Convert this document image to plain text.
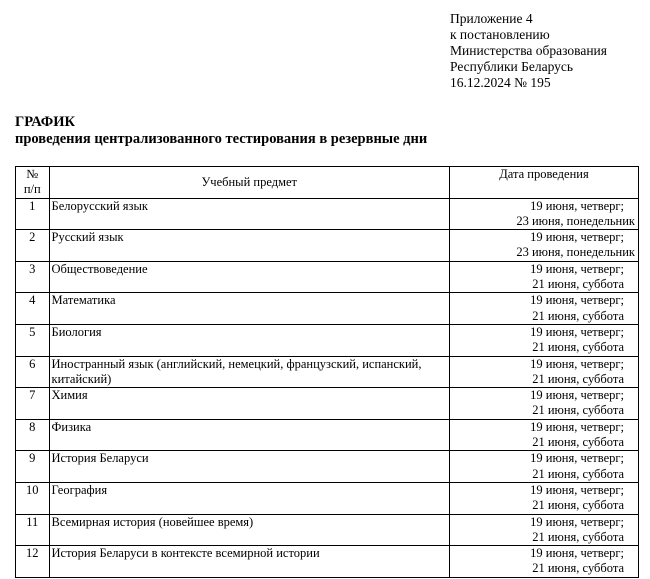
Приложение 4
к постановлению
Министерства образования
Республики Беларусь
16.12.2024 № 195
ГРАФИК
проведения централизованного тестирования в резервные дни
№
п/п	Учебный предмет	Дата проведения
1	Белорусский язык	19 июня, четверг;
23 июня, понедельник

2	Русский язык	19 июня, четверг;
23 июня, понедельник

3	Обществоведение	19 июня, четверг;
21 июня, суббота

4	Математика	19 июня, четверг;
21 июня, суббота

5	Биология	19 июня, четверг;
21 июня, суббота

6	Иностранный язык (английский, немецкий, французский, испанский, китайский)	19 июня, четверг;
21 июня, суббота

7	Химия	19 июня, четверг;
21 июня, суббота

8	Физика	19 июня, четверг;
21 июня, суббота

9	История Беларуси	19 июня, четверг;
21 июня, суббота

10	География	19 июня, четверг;
21 июня, суббота

11	Всемирная история (новейшее время)	19 июня, четверг;
21 июня, суббота

12	История Беларуси в контексте всемирной истории	19 июня, четверг;
21 июня, суббота
